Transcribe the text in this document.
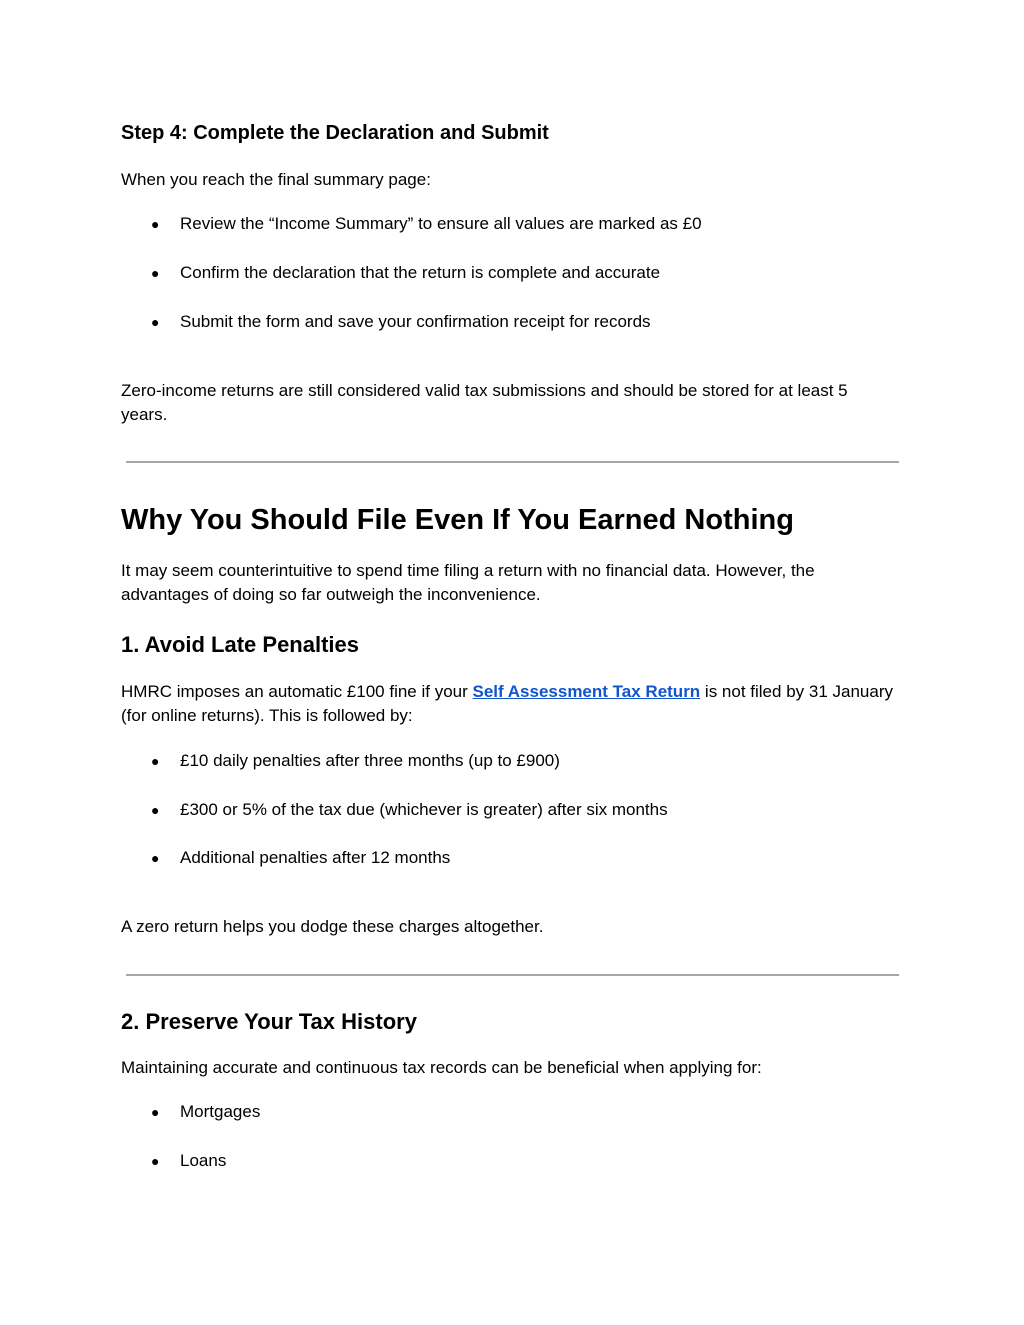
Step 4: Complete the Declaration and Submit

When you reach the final summary page:

●	Review the “Income Summary” to ensure all values are marked as £0
●	Confirm the declaration that the return is complete and accurate
●	Submit the form and save your confirmation receipt for records

Zero-income returns are still considered valid tax submissions and should be stored for at least 5 years.

Why You Should File Even If You Earned Nothing

It may seem counterintuitive to spend time filing a return with no financial data. However, the advantages of doing so far outweigh the inconvenience.

1. Avoid Late Penalties

HMRC imposes an automatic £100 fine if your Self Assessment Tax Return is not filed by 31 January (for online returns). This is followed by:

●	£10 daily penalties after three months (up to £900)
●	£300 or 5% of the tax due (whichever is greater) after six months
●	Additional penalties after 12 months

A zero return helps you dodge these charges altogether.

2. Preserve Your Tax History

Maintaining accurate and continuous tax records can be beneficial when applying for:

●	Mortgages
●	Loans
